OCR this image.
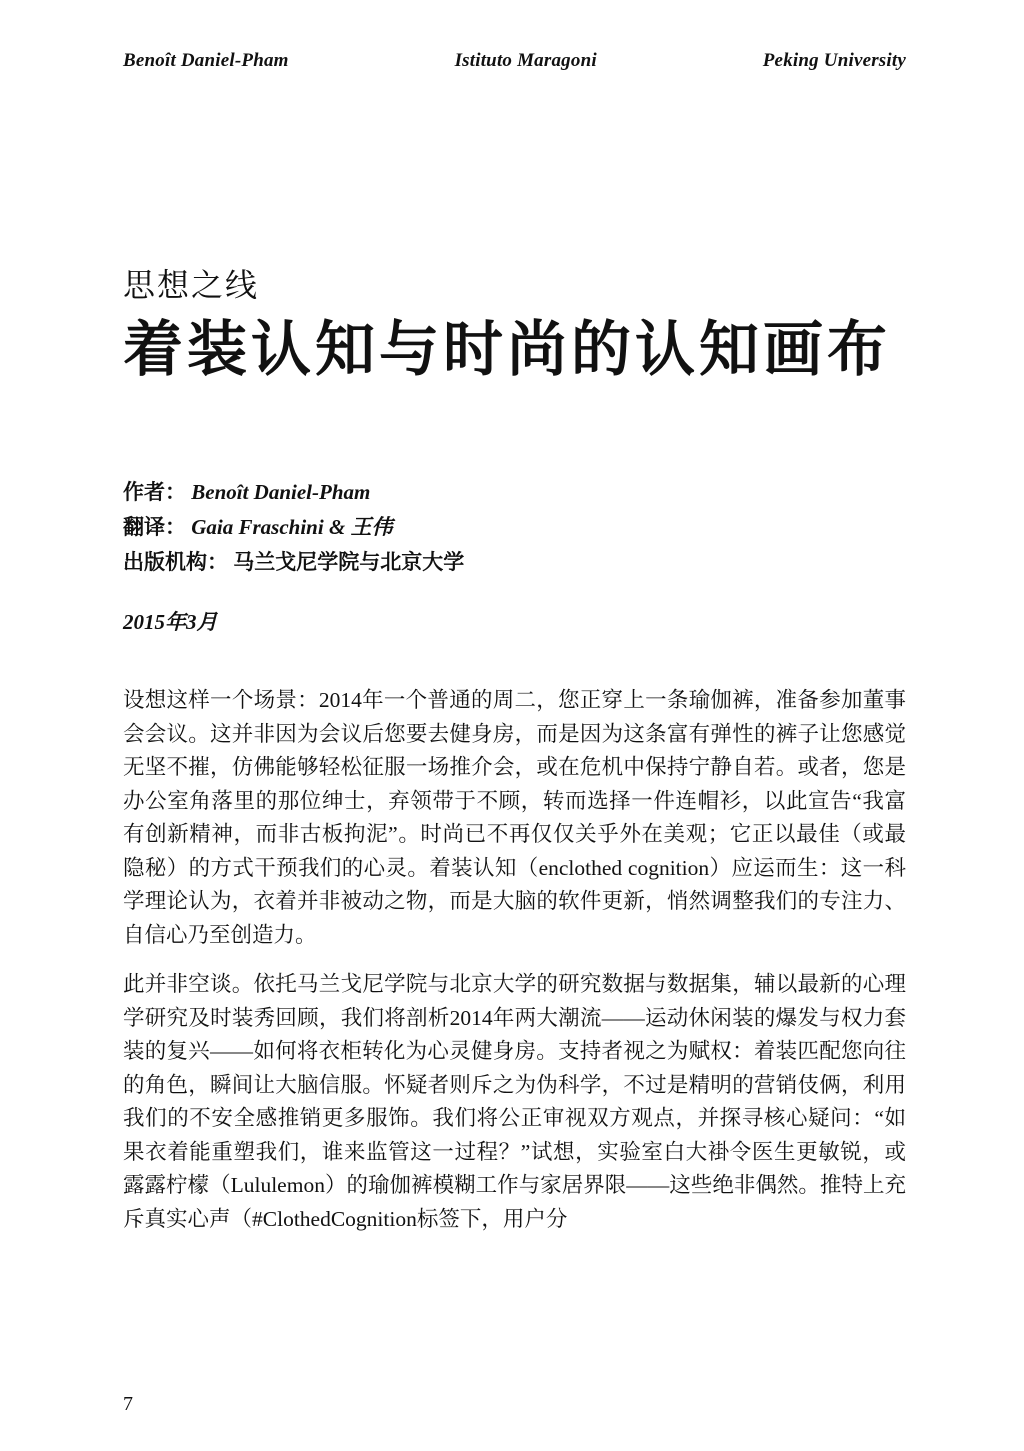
Benoît Daniel-Pham	Istituto Maragoni	Peking University
思想之线
着装认知与时尚的认知画布
作者： Benoît Daniel-Pham
翻译： Gaia Fraschini & 王伟
出版机构： 马兰戈尼学院与北京大学
2015年3月

设想这样一个场景：2014年一个普通的周二，您正穿上一条瑜伽裤，准备参加董事会会议。这并非因为会议后您要去健身房，而是因为这条富有弹性的裤子让您感觉无坚不摧，仿佛能够轻松征服一场推介会，或在危机中保持宁静自若。或者，您是办公室角落里的那位绅士，弃领带于不顾，转而选择一件连帽衫，以此宣告“我富有创新精神，而非古板拘泥”。时尚已不再仅仅关乎外在美观；它正以最佳（或最隐秘）的方式干预我们的心灵。着装认知（enclothed cognition）应运而生：这一科学理论认为，衣着并非被动之物，而是大脑的软件更新，悄然调整我们的专注力、自信心乃至创造力。

此并非空谈。依托马兰戈尼学院与北京大学的研究数据与数据集，辅以最新的心理学研究及时装秀回顾，我们将剖析2014年两大潮流——运动休闲装的爆发与权力套装的复兴——如何将衣柜转化为心灵健身房。支持者视之为赋权：着装匹配您向往的角色，瞬间让大脑信服。怀疑者则斥之为伪科学，不过是精明的营销伎俩，利用我们的不安全感推销更多服饰。我们将公正审视双方观点，并探寻核心疑问：“如果衣着能重塑我们，谁来监管这一过程？”试想，实验室白大褂令医生更敏锐，或露露柠檬（Lululemon）的瑜伽裤模糊工作与家居界限——这些绝非偶然。推特上充斥真实心声（#ClothedCognition标签下，用户分

7
